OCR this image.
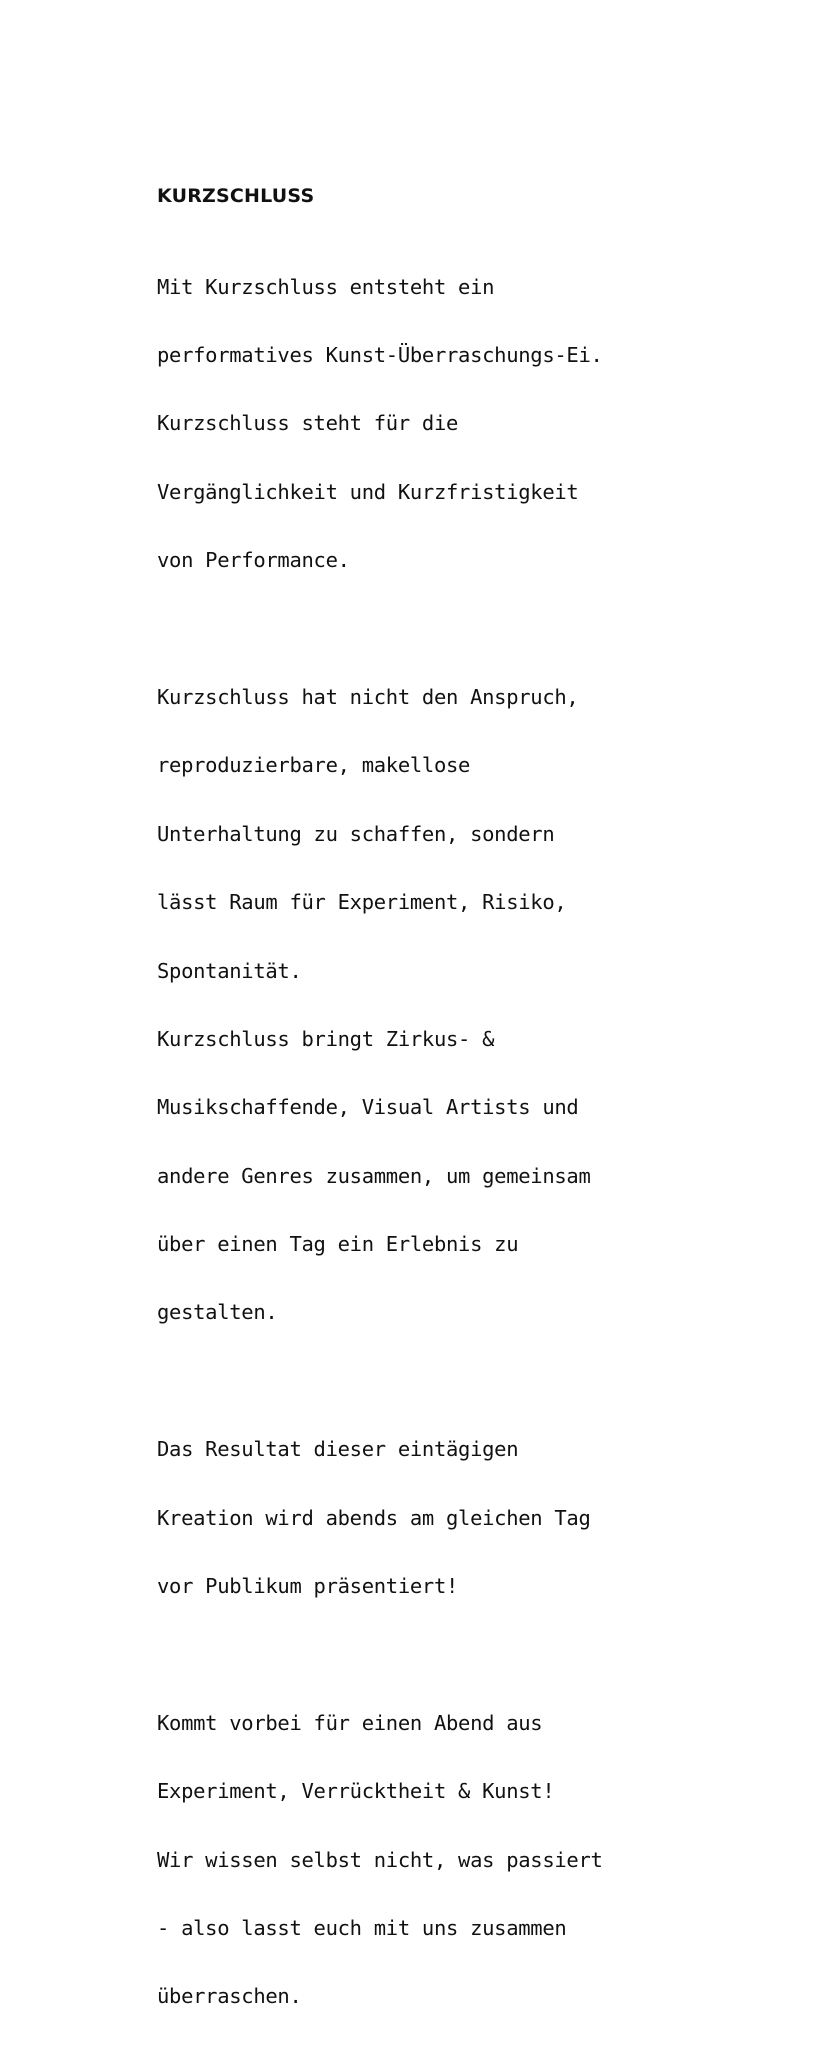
KURZSCHLUSS

Mit Kurzschluss entsteht ein

performatives Kunst-Überraschungs-Ei.

Kurzschluss steht für die

Vergänglichkeit und Kurzfristigkeit

von Performance.

Kurzschluss hat nicht den Anspruch,

reproduzierbare, makellose

Unterhaltung zu schaffen, sondern

lässt Raum für Experiment, Risiko,

Spontanität.

Kurzschluss bringt Zirkus- &

Musikschaffende, Visual Artists und

andere Genres zusammen, um gemeinsam

über einen Tag ein Erlebnis zu

gestalten.

Das Resultat dieser eintägigen

Kreation wird abends am gleichen Tag

vor Publikum präsentiert!

Kommt vorbei für einen Abend aus

Experiment, Verrücktheit & Kunst!

Wir wissen selbst nicht, was passiert

- also lasst euch mit uns zusammen

überraschen.
